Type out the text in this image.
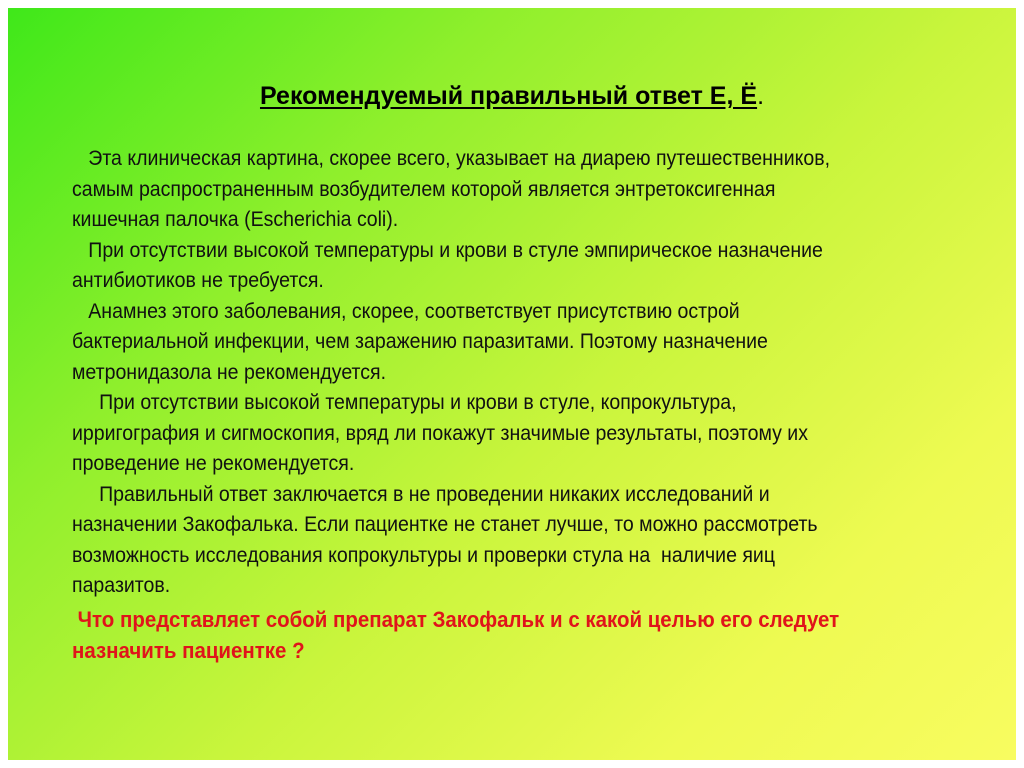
Рекомендуемый правильный ответ Е, Ё.
Эта клиническая картина, скорее всего, указывает на диарею путешественников,
самым распространенным возбудителем которой является энтретоксигенная
кишечная палочка (Escherichia coli).
При отсутствии высокой температуры и крови в стуле эмпирическое назначение
антибиотиков не требуется.
Анамнез этого заболевания, скорее, соответствует присутствию острой
бактериальной инфекции, чем заражению паразитами. Поэтому назначение
метронидазола не рекомендуется.
При отсутствии высокой температуры и крови в стуле, копрокультура,
ирригография и сигмоскопия, вряд ли покажут значимые результаты, поэтому их
проведение не рекомендуется.
Правильный ответ заключается в не проведении никаких исследований и
назначении Закофалька. Если пациентке не станет лучше, то можно рассмотреть
возможность исследования копрокультуры и проверки стула на  наличие яиц
паразитов.
Что представляет собой препарат Закофальк и с какой целью его следует
назначить пациентке ?
